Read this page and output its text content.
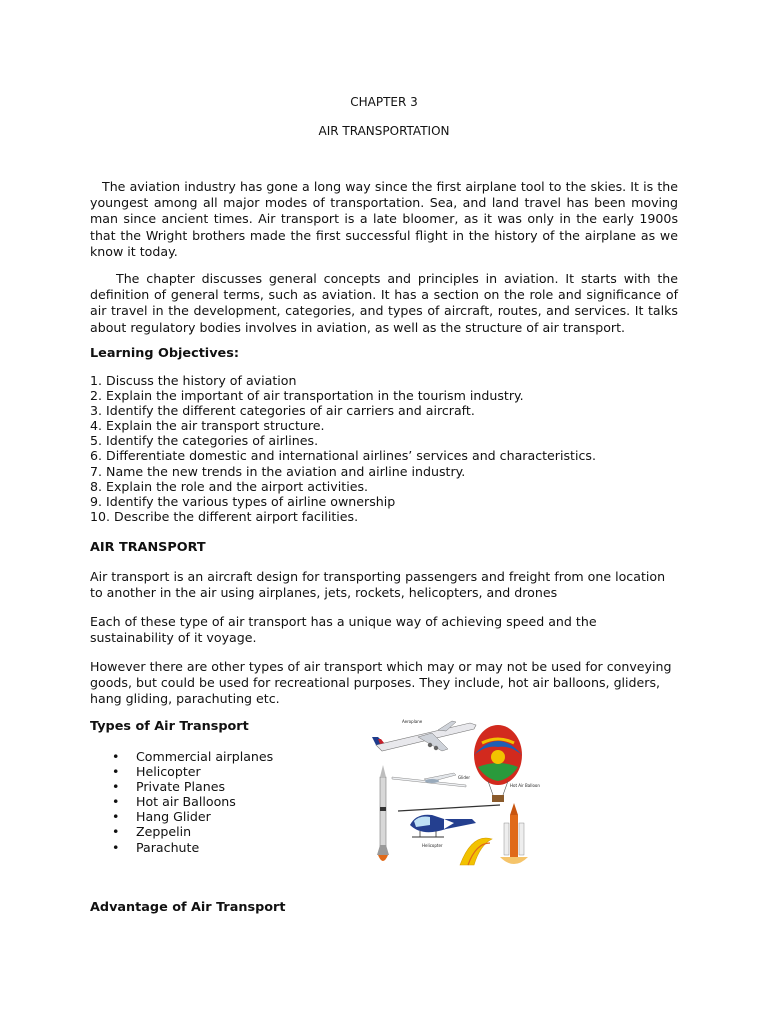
CHAPTER 3
AIR TRANSPORTATION

The aviation industry has gone a long way since the first airplane tool to the skies. It is the youngest among all major modes of transportation. Sea, and land travel has been moving man since ancient times. Air transport is a late bloomer, as it was only in the early 1900s that the Wright brothers made the first successful flight in the history of the airplane as we know it today.

The chapter discusses general concepts and principles in aviation. It starts with the definition of general terms, such as aviation. It has a section on the role and significance of air travel in the development, categories, and types of aircraft, routes, and services. It talks about regulatory bodies involves in aviation, as well as the structure of air transport.

Learning Objectives:
1. Discuss the history of aviation
2. Explain the important of air transportation in the tourism industry.
3. Identify the different categories of air carriers and aircraft.
4. Explain the air transport structure.
5. Identify the categories of airlines.
6. Differentiate domestic and international airlines’ services and characteristics.
7. Name the new trends in the aviation and airline industry.
8. Explain the role and the airport activities.
9. Identify the various types of airline ownership
10. Describe the different airport facilities.
AIR TRANSPORT

Air transport is an aircraft design for transporting passengers and freight from one location to another in the air using airplanes, jets, rockets, helicopters, and drones

Each of these type of air transport has a unique way of achieving speed and the sustainability of it voyage.

However there are other types of air transport which may or may not be used for conveying goods, but could be used for recreational purposes. They include, hot air balloons, gliders, hang gliding, parachuting etc.

Types of Air Transport
• Commercial airplanes
• Helicopter
• Private Planes
• Hot air Balloons
• Hang Glider
• Zeppelin
• Parachute
Aeroplane
Hot Air Balloon
Glider
Helicopter
Advantage of Air Transport
